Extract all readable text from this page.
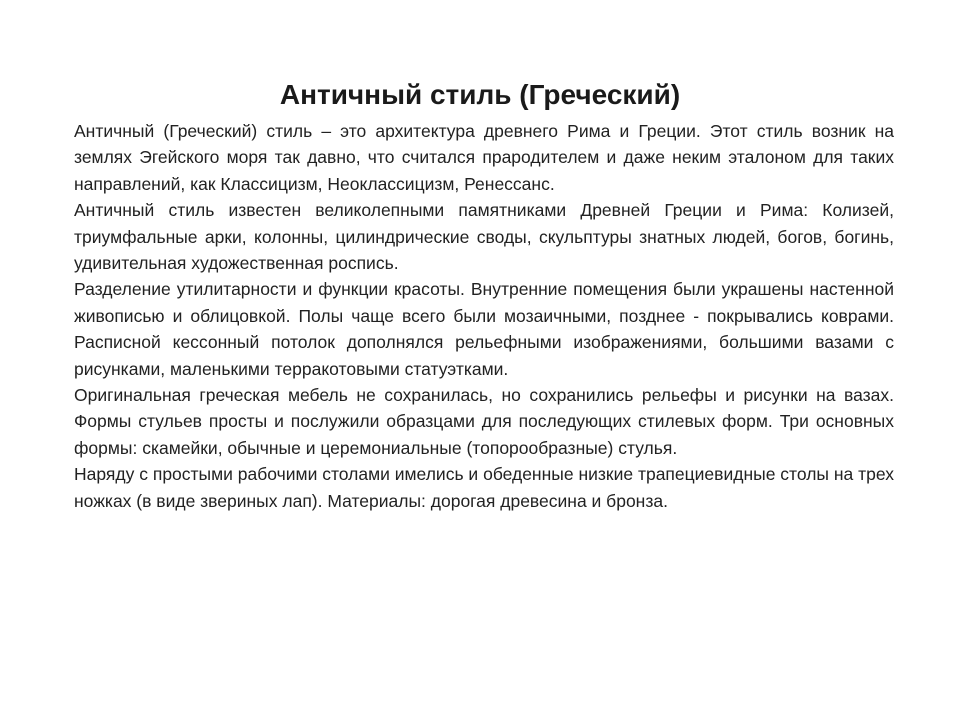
Античный стиль (Греческий)

Античный (Греческий) стиль – это архитектура древнего Рима и Греции. Этот стиль возник на землях Эгейского моря так давно, что считался прародителем и даже неким эталоном для таких направлений, как Классицизм, Неоклассицизм, Ренессанс.

Античный стиль известен великолепными памятниками Древней Греции и Рима: Колизей, триумфальные арки, колонны, цилиндрические своды, скульптуры знатных людей, богов, богинь, удивительная художественная роспись.

Разделение утилитарности и функции красоты. Внутренние помещения были украшены настенной живописью и облицовкой. Полы чаще всего были мозаичными, позднее - покрывались коврами. Расписной кессонный потолок дополнялся рельефными изображениями, большими вазами с рисунками, маленькими терракотовыми статуэтками.

Оригинальная греческая мебель не сохранилась, но сохранились рельефы и рисунки на вазах. Формы стульев просты и послужили образцами для последующих стилевых форм. Три основных формы: скамейки, обычные и церемониальные (топорообразные) стулья.

Наряду с простыми рабочими столами имелись и обеденные низкие трапециевидные столы на трех ножках (в виде звериных лап). Материалы: дорогая древесина и бронза.
